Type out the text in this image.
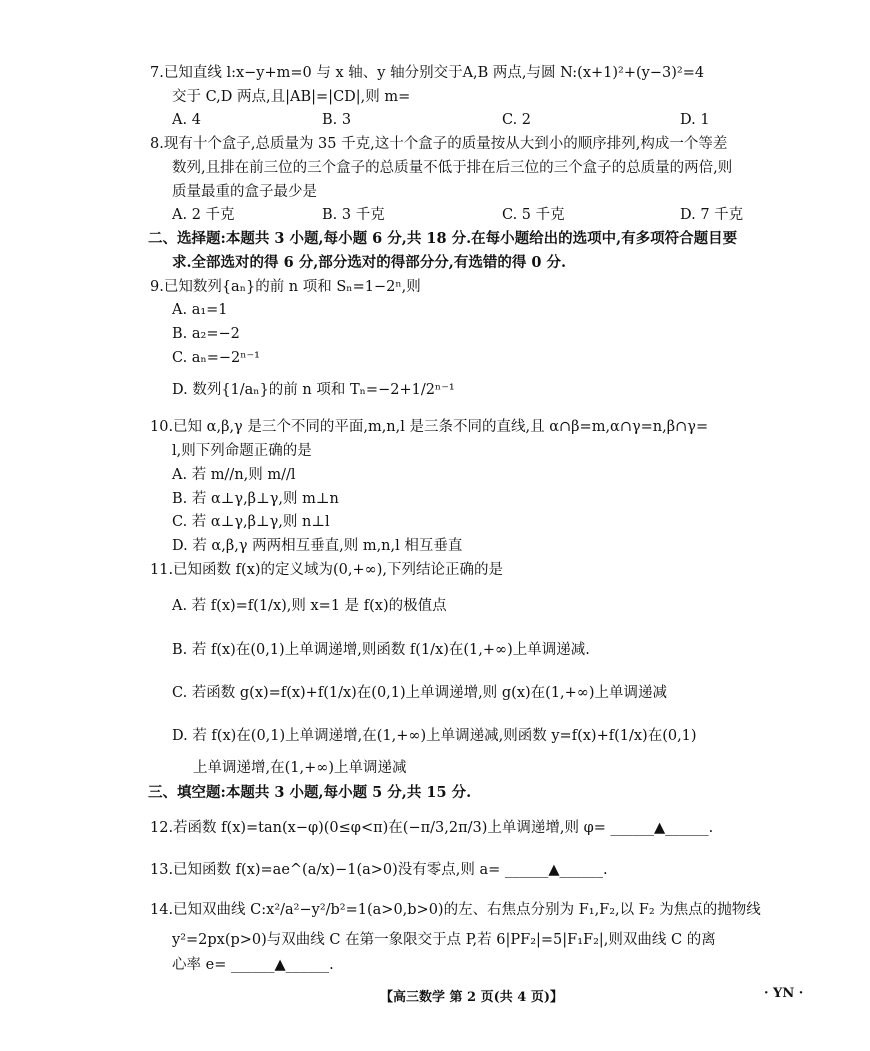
7.已知直线 l:x−y+m=0 与 x 轴、y 轴分别交于A,B 两点,与圆 N:(x+1)²+(y−3)²=4
交于 C,D 两点,且|AB|=|CD|,则 m=
A. 4	B. 3	C. 2	D. 1
8.现有十个盒子,总质量为 35 千克,这十个盒子的质量按从大到小的顺序排列,构成一个等差
数列,且排在前三位的三个盒子的总质量不低于排在后三位的三个盒子的总质量的两倍,则
质量最重的盒子最少是
A. 2 千克	B. 3 千克	C. 5 千克	D. 7 千克
二、选择题:本题共 3 小题,每小题 6 分,共 18 分.在每小题给出的选项中,有多项符合题目要
求.全部选对的得 6 分,部分选对的得部分分,有选错的得 0 分.
9.已知数列{aₙ}的前 n 项和 Sₙ=1−2ⁿ,则
A. a₁=1
B. a₂=−2
C. aₙ=−2ⁿ⁻¹
D. 数列{1/aₙ}的前 n 项和 Tₙ=−2+1/2ⁿ⁻¹
10.已知 α,β,γ 是三个不同的平面,m,n,l 是三条不同的直线,且 α∩β=m,α∩γ=n,β∩γ=
l,则下列命题正确的是
A. 若 m//n,则 m//l
B. 若 α⊥γ,β⊥γ,则 m⊥n
C. 若 α⊥γ,β⊥γ,则 n⊥l
D. 若 α,β,γ 两两相互垂直,则 m,n,l 相互垂直
11.已知函数 f(x)的定义域为(0,+∞),下列结论正确的是
A. 若 f(x)=f(1/x),则 x=1 是 f(x)的极值点
B. 若 f(x)在(0,1)上单调递增,则函数 f(1/x)在(1,+∞)上单调递减.
C. 若函数 g(x)=f(x)+f(1/x)在(0,1)上单调递增,则 g(x)在(1,+∞)上单调递减
D. 若 f(x)在(0,1)上单调递增,在(1,+∞)上单调递减,则函数 y=f(x)+f(1/x)在(0,1)
上单调递增,在(1,+∞)上单调递减
三、填空题:本题共 3 小题,每小题 5 分,共 15 分.
12.若函数 f(x)=tan(x−φ)(0≤φ<π)在(−π/3,2π/3)上单调递增,则 φ= ______▲______.
13.已知函数 f(x)=ae^(a/x)−1(a>0)没有零点,则 a= ______▲______.
14.已知双曲线 C:x²/a²−y²/b²=1(a>0,b>0)的左、右焦点分别为 F₁,F₂,以 F₂ 为焦点的抛物线
y²=2px(p>0)与双曲线 C 在第一象限交于点 P,若 6|PF₂|=5|F₁F₂|,则双曲线 C 的离
心率 e= ______▲______.
【高三数学 第 2 页(共 4 页)】	· YN ·
